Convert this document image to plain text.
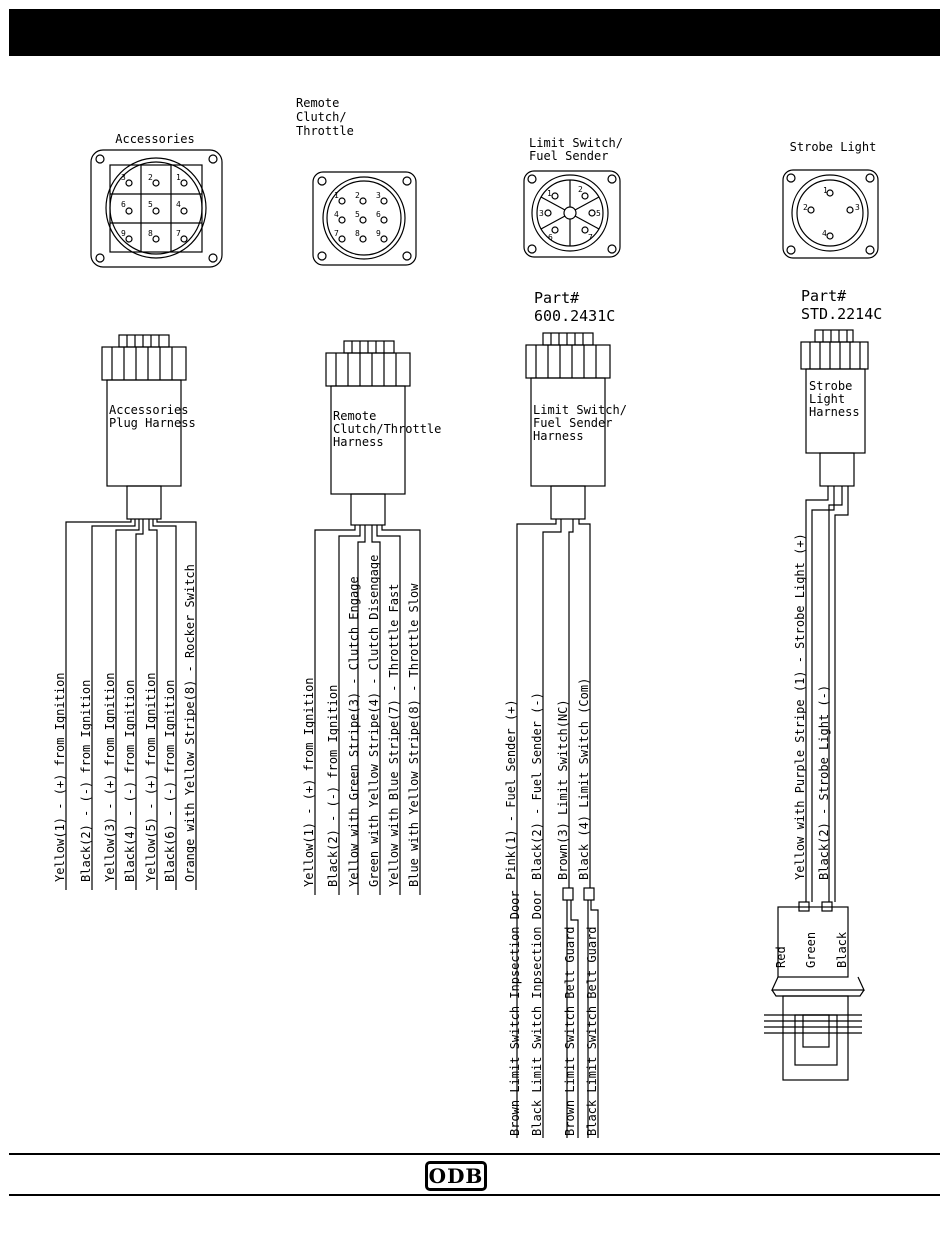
Accessories
3	2	1
6	5	4
9	8	7
Remote
Clutch/
Throttle
1 2 3
4 5 6
7 8 9
Limit Switch/
Fuel Sender
1	2
3	5
6	7
Strobe Light
1
2	3
4
Part#
600.2431C
Part#
STD.2214C
Accessories
Plug Harness	Remote
Clutch/Throttle
Harness
Limit Switch/
Fuel Sender
Harness
Strobe
Light
Harness
Yellow(1) - (+) from Ignition Black(2) - (-) from Ignition Yellow(3) - (+) from Ignition Black(4) - (-) from Ignition Yellow(5) - (+) from Ignition Black(6) - (-) from Ignition Orange with Yellow Stripe(8) - Rocker Switch	Yellow(1) - (+) from Ignition Black(2) - (-) from Ignition Yellow with Green Stripe(3) - Clutch Engage Green with Yellow Stripe(4) - Clutch Disengage Yellow with Blue Stripe(7) - Throttle Fast Blue with Yellow Stripe(8) - Throttle Slow	Pink(1) - Fuel Sender (+) Black(2) - Fuel Sender (-) Brown(3) Limit Switch(NC) Black (4) Limit Switch (Com)
Brown Limit Switch Inpsection Door Black Limit Switch Inpsection Door Brown Limit Switch Belt Guard Black Limit Switch Belt Guard
Yellow with Purple Stripe (1) - Strobe Light (+) Black(2) - Strobe Light (-)
Red Green Black
ODB
